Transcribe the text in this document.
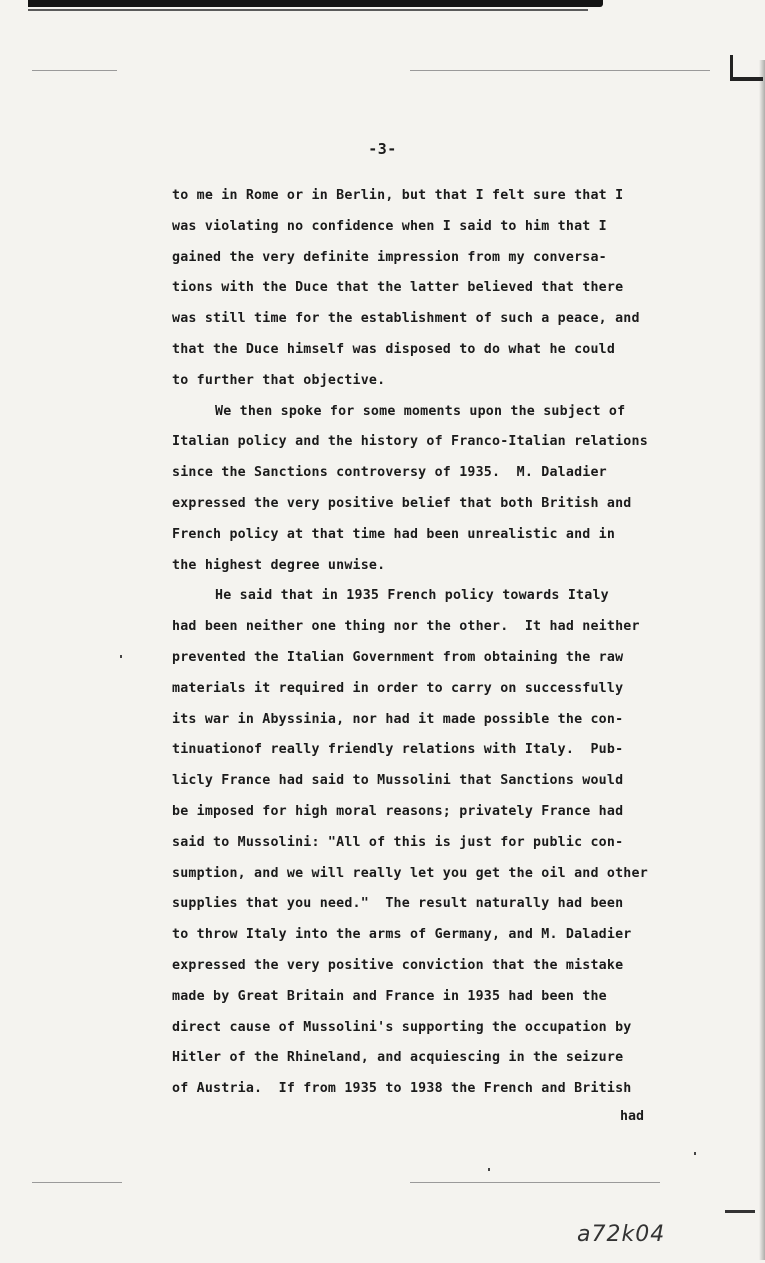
-3-
to me in Rome or in Berlin, but that I felt sure that I
was violating no confidence when I said to him that I
gained the very definite impression from my conversa-
tions with the Duce that the latter believed that there
was still time for the establishment of such a peace, and
that the Duce himself was disposed to do what he could
to further that objective.
We then spoke for some moments upon the subject of
Italian policy and the history of Franco-Italian relations
since the Sanctions controversy of 1935.  M. Daladier
expressed the very positive belief that both British and
French policy at that time had been unrealistic and in
the highest degree unwise.
He said that in 1935 French policy towards Italy
had been neither one thing nor the other.  It had neither
prevented the Italian Government from obtaining the raw
materials it required in order to carry on successfully
its war in Abyssinia, nor had it made possible the con-
tinuationof really friendly relations with Italy.  Pub-
licly France had said to Mussolini that Sanctions would
be imposed for high moral reasons; privately France had
said to Mussolini: "All of this is just for public con-
sumption, and we will really let you get the oil and other
supplies that you need."  The result naturally had been
to throw Italy into the arms of Germany, and M. Daladier
expressed the very positive conviction that the mistake
made by Great Britain and France in 1935 had been the
direct cause of Mussolini's supporting the occupation by
Hitler of the Rhineland, and acquiescing in the seizure
of Austria.  If from 1935 to 1938 the French and British
had
a72k04
